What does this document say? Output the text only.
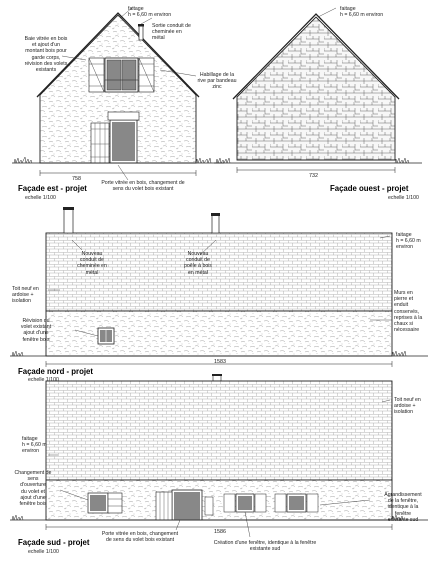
faitage
h = 6,60 m environ
Sortie conduit de
cheminée en
métal
Baie vitrée en bois
et ajout d'un
montant bois pour
garde corps,
révision des volets
existants
Habillage de la
rive par bandeau
zinc
Porte vitrée en bois, changement de
sens du volet bois existant
758
Façade est - projet
echelle 1/100
faitage
h = 6,60 m environ
732
Façade ouest - projet
echelle 1/100
Nouveau
conduit de
cheminée en
métal
Nouveau
conduit de
poêle à bois
en métal
faitage
h = 6,60 m
environ
Toit neuf en
ardoise +
isolation
Révision du
volet existant
ajout d'une
fenêtre bois
Murs en
pierre et
enduit
conservés,
reprises à la
chaux si
nécessaire
1583
Façade nord - projet
echelle 1/100
faitage
h = 6,60 m
environ
Toit neuf en
ardoise +
isolation
Changement de
sens
d'ouverture
du volet et
ajout d'une
fenêtre bois
Porte vitrée en bois, changement
de sens du volet bois existant	Création d'une fenêtre, identique à la fenêtre
existante sud
Agrandissement
de la fenêtre,
identique à la
fenêtre
existante sud
1586
Façade sud - projet
echelle 1/100
